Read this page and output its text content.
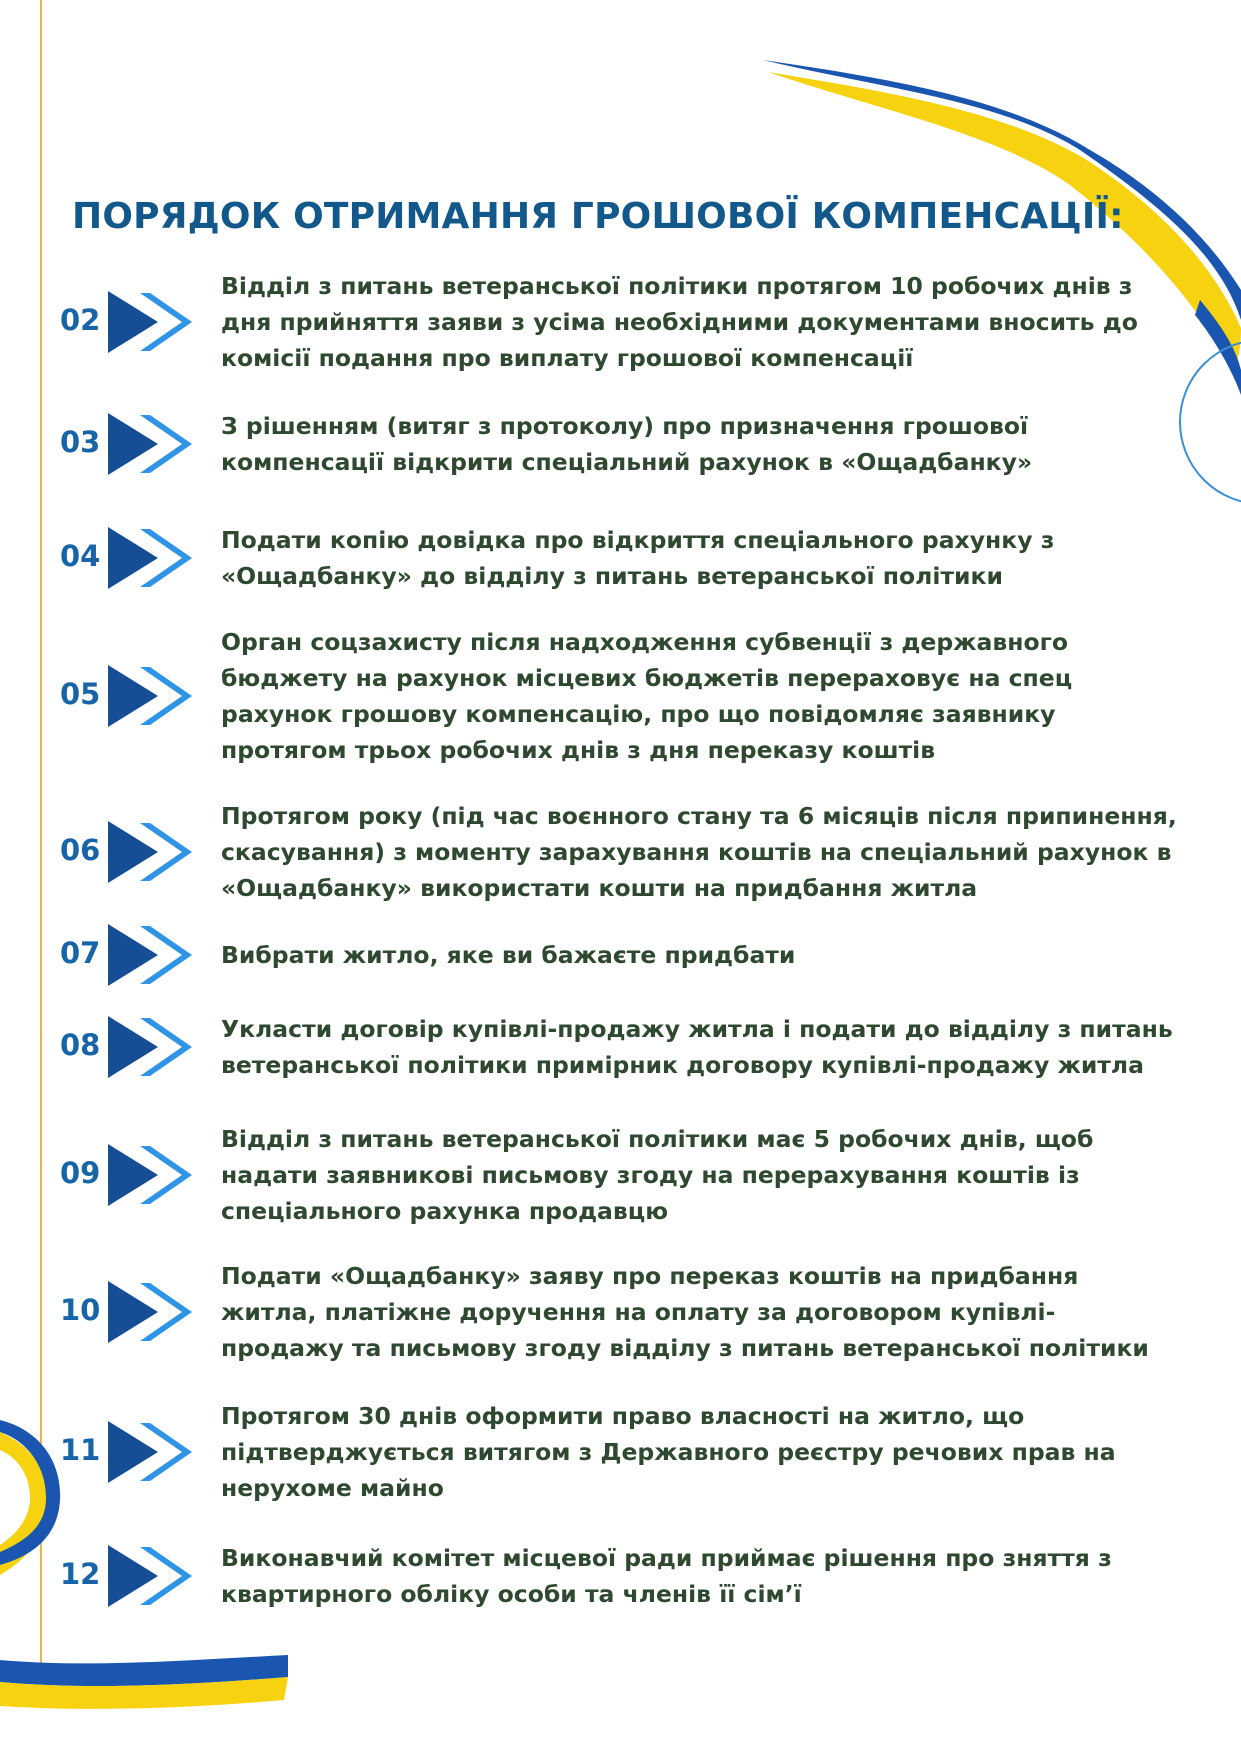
ПОРЯДОК ОТРИМАННЯ ГРОШОВОЇ КОМПЕНСАЦІЇ:
02
Відділ з питань ветеранської політики протягом 10 робочих днів з
дня прийняття заяви з усіма необхідними документами вносить до
комісії подання про виплату грошової компенсації
03	З рішенням (витяг з протоколу) про призначення грошової
компенсації відкрити спеціальний рахунок в «Ощадбанку»
04	Подати копію довідка про відкриття спеціального рахунку з
«Ощадбанку» до відділу з питань ветеранської політики
05
Орган соцзахисту після надходження субвенції з державного
бюджету на рахунок місцевих бюджетів перераховує на спец
рахунок грошову компенсацію, про що повідомляє заявнику
протягом трьох робочих днів з дня переказу коштів
06
Протягом року (під час воєнного стану та 6 місяців після припинення,
скасування) з моменту зарахування коштів на спеціальний рахунок в
«Ощадбанку» використати кошти на придбання житла
07	Вибрати житло, яке ви бажаєте придбати
08	Укласти договір купівлі-продажу житла і подати до відділу з питань
ветеранської політики примірник договору купівлі-продажу житла
09
Відділ з питань ветеранської політики має 5 робочих днів, щоб
надати заявникові письмову згоду на перерахування коштів із
спеціального рахунка продавцю
10
Подати «Ощадбанку» заяву про переказ коштів на придбання
житла, платіжне доручення на оплату за договором купівлі-
продажу та письмову згоду відділу з питань ветеранської політики
11
Протягом 30 днів оформити право власності на житло, що
підтверджується витягом з Державного реєстру речових прав на
нерухоме майно
12	Виконавчий комітет місцевої ради приймає рішення про зняття з
квартирного обліку особи та членів її сім’ї
